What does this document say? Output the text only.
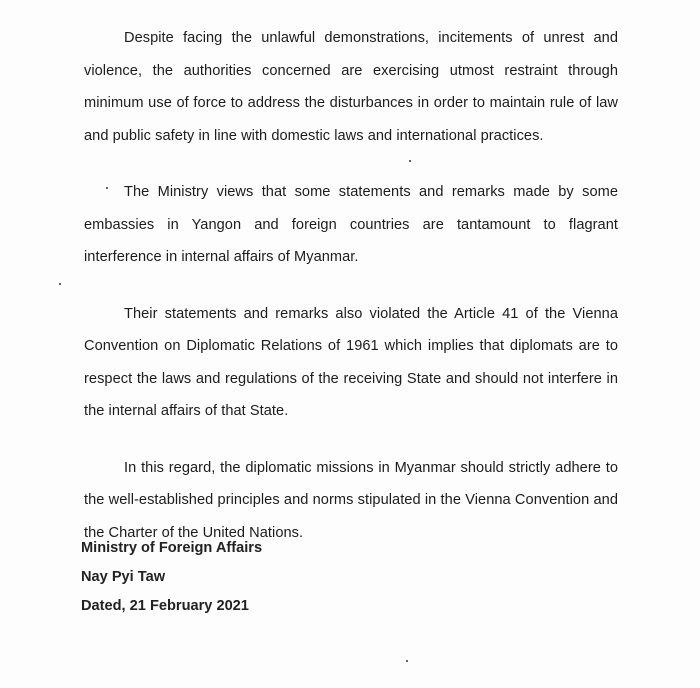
Despite facing the unlawful demonstrations, incitements of unrest and violence, the authorities concerned are exercising utmost restraint through minimum use of force to address the disturbances in order to maintain rule of law and public safety in line with domestic laws and international practices.

The Ministry views that some statements and remarks made by some embassies in Yangon and foreign countries are tantamount to flagrant interference in internal affairs of Myanmar.

Their statements and remarks also violated the Article 41 of the Vienna Convention on Diplomatic Relations of 1961 which implies that diplomats are to respect the laws and regulations of the receiving State and should not interfere in the internal affairs of that State.

In this regard, the diplomatic missions in Myanmar should strictly adhere to the well-established principles and norms stipulated in the Vienna Convention and the Charter of the United Nations.

Ministry of Foreign Affairs
Nay Pyi Taw
Dated, 21 February 2021
